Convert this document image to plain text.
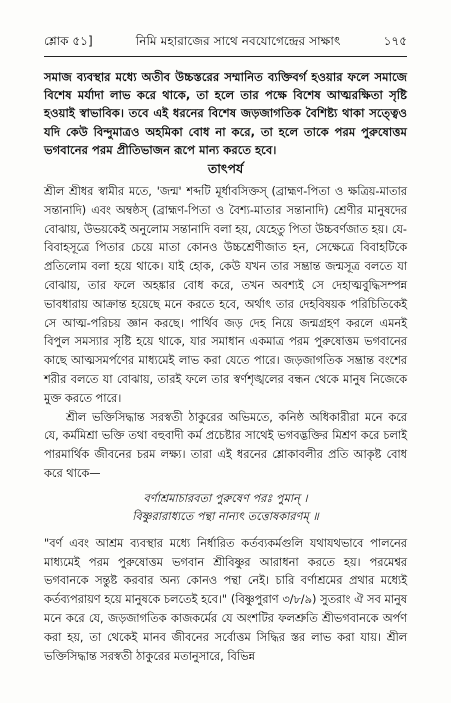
শ্লোক ৫১]	নিমি মহারাজের সাথে নবযোগেন্দ্রের সাক্ষাৎ	১৭৫

সমাজ ব্যবস্থার মধ্যে অতীব উচ্চস্তরের সম্মানিত ব্যক্তিবর্গ হওয়ার ফলে সমাজে বিশেষ মর্যাদা লাভ করে থাকে, তা হলে তার পক্ষে বিশেষ আত্মরক্ষিতা সৃষ্টি হওয়াই স্বাভাবিক। তবে এই ধরনের বিশেষ জড়জাগতিক বৈশিষ্ট্য থাকা সত্ত্বেও যদি কেউ বিন্দুমাত্রও অহমিকা বোধ না করে, তা হলে তাকে পরম পুরুষোত্তম ভগবানের পরম প্রীতিভাজন রূপে মান্য করতে হবে।

তাৎপর্য

শ্রীল শ্রীধর স্বামীর মতে, 'জন্ম' শব্দটি মূর্ধাবসিক্তস্ (ব্রাহ্মণ-পিতা ও ক্ষত্রিয়-মাতার সন্তানাদি) এবং অম্বষ্ঠস্ (ব্রাহ্মণ-পিতা ও বৈশ্য-মাতার সন্তানাদি) শ্রেণীর মানুষদের বোঝায়, উভয়কেই অনুলোম সন্তানাদি বলা হয়, যেহেতু পিতা উচ্চবর্ণজাত হয়। যে-বিবাহসূত্রে পিতার চেয়ে মাতা কোনও উচ্চশ্রেণীজাত হন, সেক্ষেত্রে বিবাহটিকে প্রতিলোম বলা হয়ে থাকে। যাই হোক, কেউ যখন তার সম্ভ্রান্ত জন্মসূত্র বলতে যা বোঝায়, তার ফলে অহঙ্কার বোধ করে, তখন অবশ্যই সে দেহাত্মবুদ্ধিসম্পন্ন ভাবধারায় আক্রান্ত হয়েছে মনে করতে হবে, অর্থাৎ তার দেহবিষয়ক পরিচিতিকেই সে আত্ম-পরিচয় জ্ঞান করছে। পার্থিব জড় দেহ নিয়ে জন্মগ্রহণ করলে এমনই বিপুল সমস্যার সৃষ্টি হয়ে থাকে, যার সমাধান একমাত্র পরম পুরুষোত্তম ভগবানের কাছে আত্মসমর্পণের মাধ্যমেই লাভ করা যেতে পারে। জড়জাগতিক সম্ভ্রান্ত বংশের শরীর বলতে যা বোঝায়, তারই ফলে তার স্বর্ণশৃঙ্খলের বন্ধন থেকে মানুষ নিজেকে মুক্ত করতে পারে।

শ্রীল ভক্তিসিদ্ধান্ত সরস্বতী ঠাকুরের অভিমতে, কনিষ্ঠ অধিকারীরা মনে করে যে, কর্মমিশ্রা ভক্তি তথা বহুবাদী কর্ম প্রচেষ্টার সাথেই ভগবদ্ভক্তির মিশ্রণ করে চলাই পারমার্থিক জীবনের চরম লক্ষ্য। তারা এই ধরনের শ্লোকাবলীর প্রতি আকৃষ্ট বোধ করে থাকে—

বর্ণাশ্রমাচারবতা পুরুষেণ পরঃ পুমান্ ।
বিষ্ণুরারাধ্যতে পন্থা নান্যৎ তত্তোষকারণম্ ॥

"বর্ণ এবং আশ্রম ব্যবস্থার মধ্যে নির্ধারিত কর্তব্যকর্মগুলি যথাযথভাবে পালনের মাধ্যমেই পরম পুরুষোত্তম ভগবান শ্রীবিষ্ণুর আরাধনা করতে হয়। পরমেশ্বর ভগবানকে সন্তুষ্ট করবার অন্য কোনও পন্থা নেই। চারি বর্ণাশ্রমের প্রথার মধ্যেই কর্তব্যপরায়ণ হয়ে মানুষকে চলতেই হবে।" (বিষ্ণুপুরাণ ৩/৮/৯) সুতরাং ঐ সব মানুষ মনে করে যে, জড়জাগতিক কাজকর্মের যে অংশটির ফলশ্রুতি শ্রীভগবানকে অর্পণ করা হয়, তা থেকেই মানব জীবনের সর্বোত্তম সিদ্ধির স্তর লাভ করা যায়। শ্রীল ভক্তিসিদ্ধান্ত সরস্বতী ঠাকুরের মতানুসারে, বিভিন্ন
